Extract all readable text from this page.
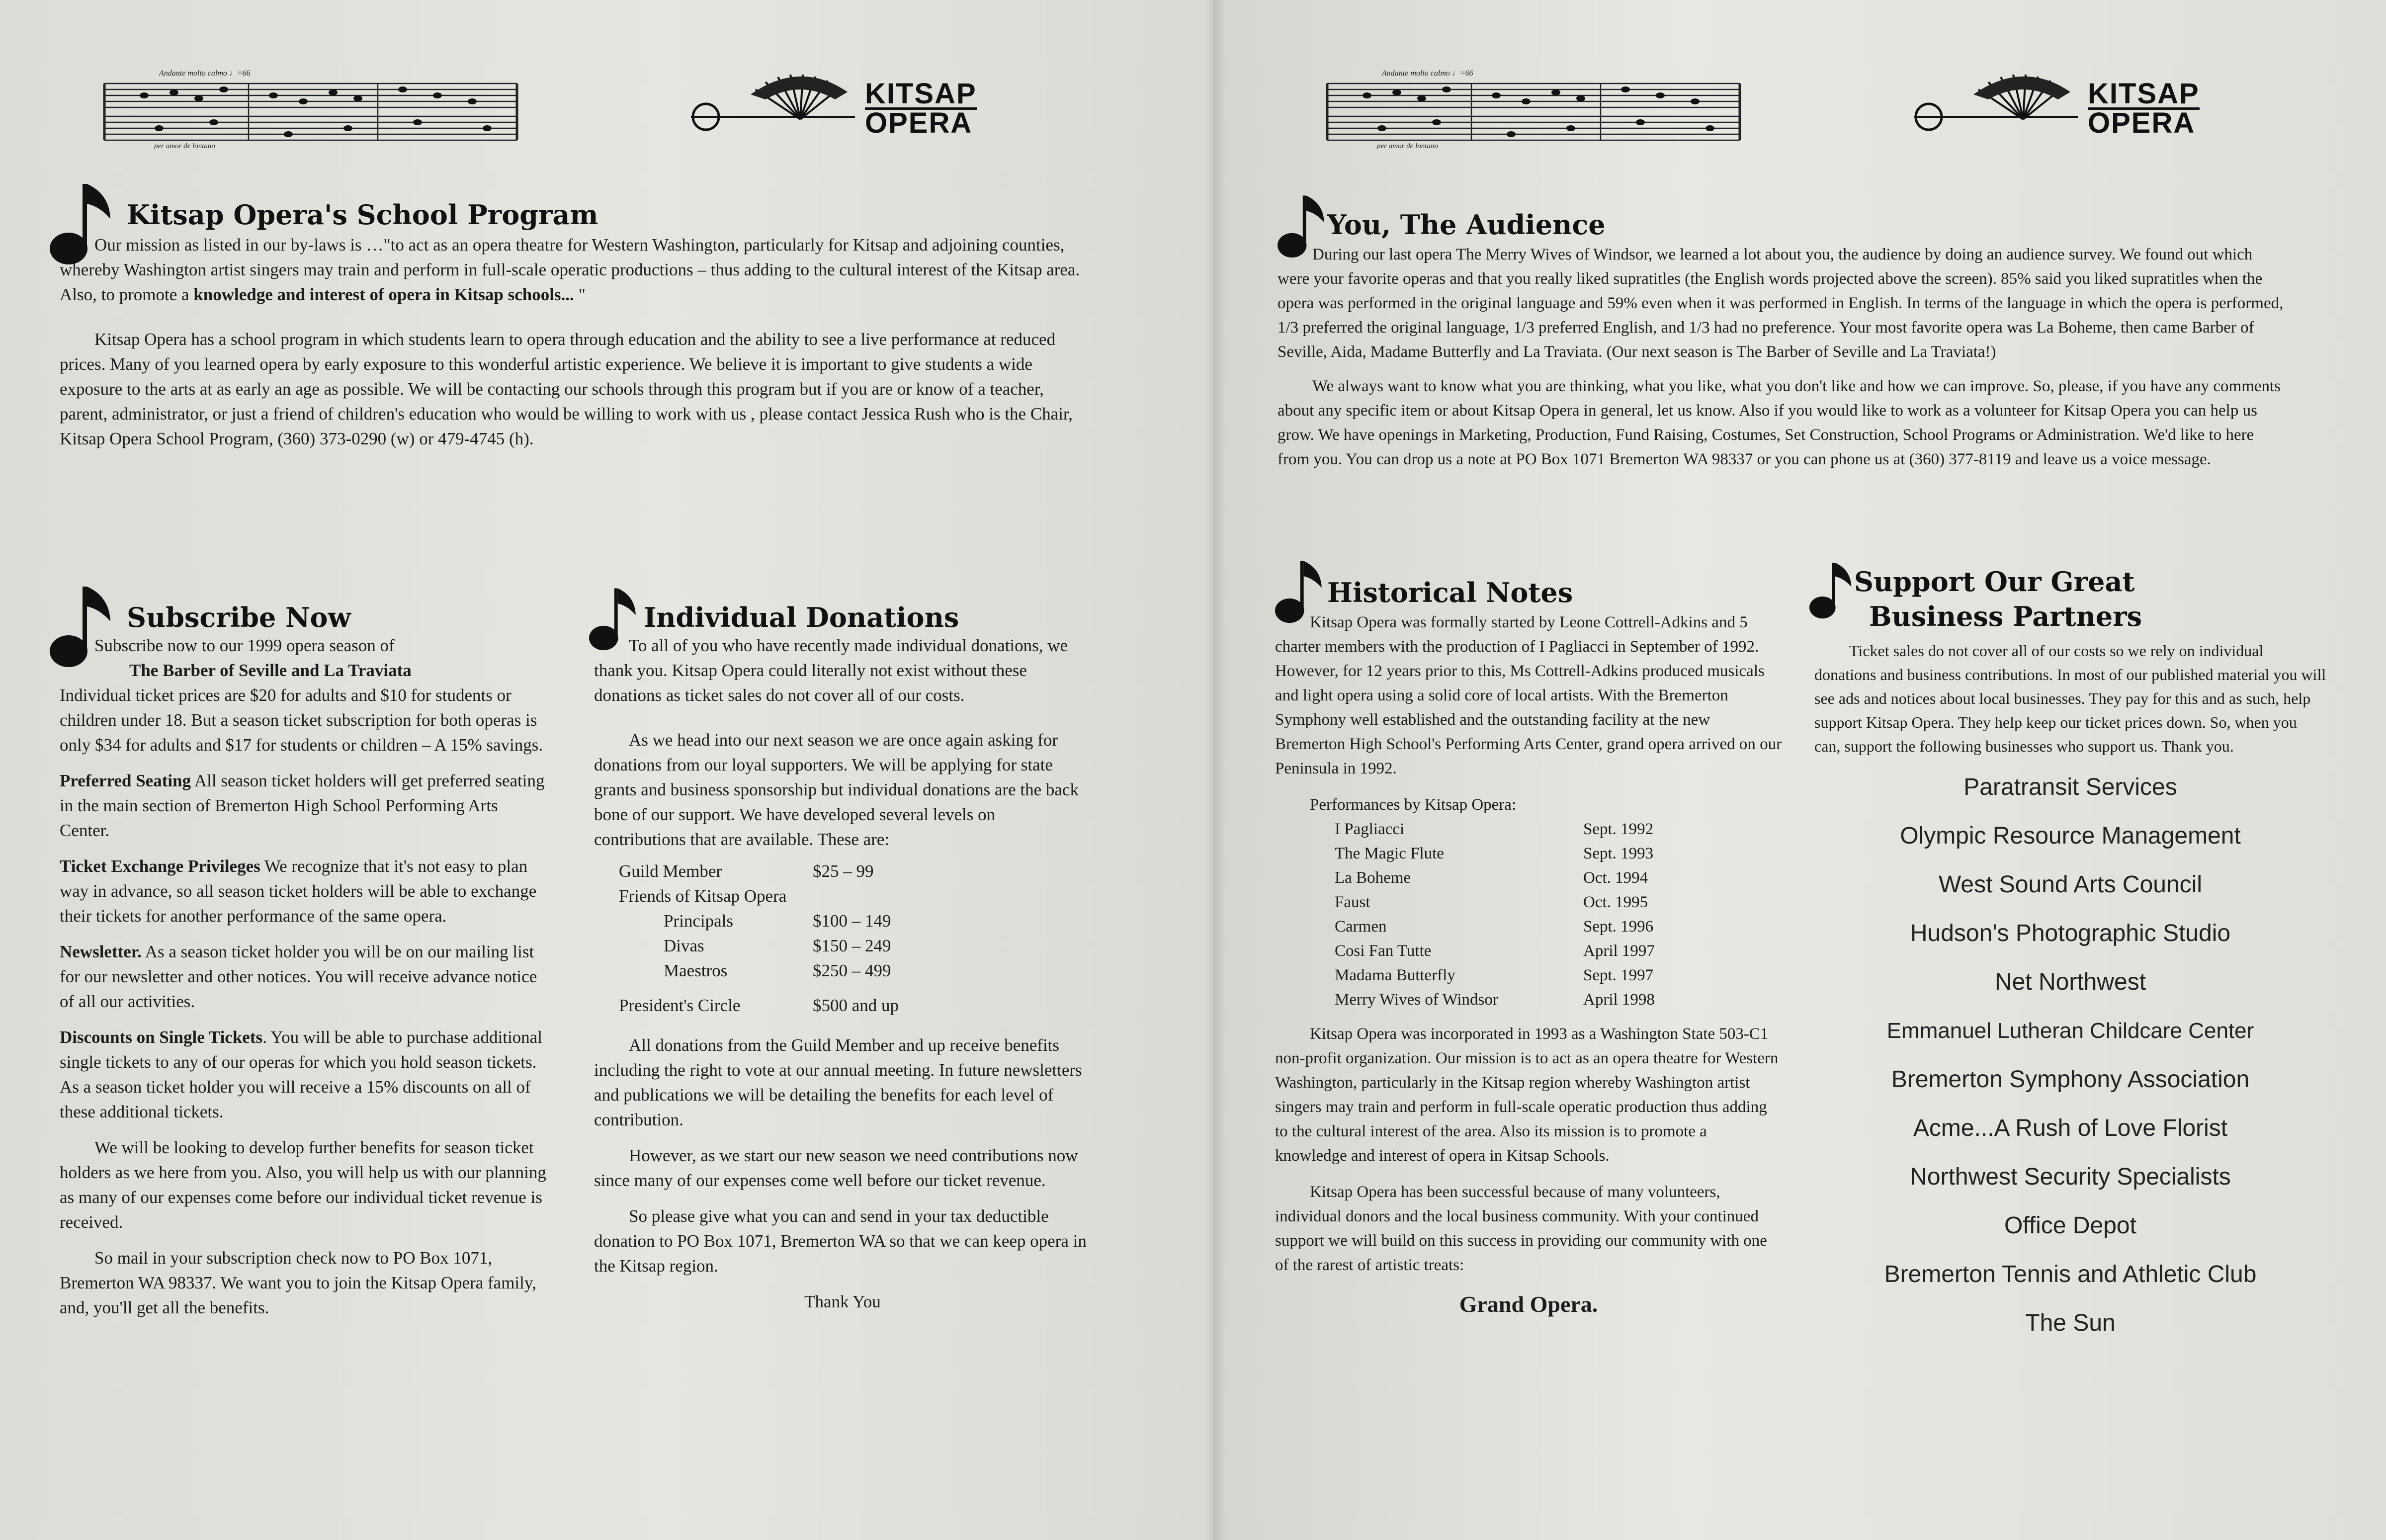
Andante molto calmo ♩=66
per amor de lontano
KITSAP
OPERA
Kitsap Opera's School Program

Our mission as listed in our by-laws is …"to act as an opera theatre for Western Washington, particularly for Kitsap and adjoining counties, whereby Washington artist singers may train and perform in full-scale operatic productions – thus adding to the cultural interest of the Kitsap area. Also, to promote a knowledge and interest of opera in Kitsap schools... "

Kitsap Opera has a school program in which students learn to opera through education and the ability to see a live performance at reduced prices. Many of you learned opera by early exposure to this wonderful artistic experience. We believe it is important to give students a wide exposure to the arts at as early an age as possible. We will be contacting our schools through this program but if you are or know of a teacher, parent, administrator, or just a friend of children's education who would be willing to work with us , please contact Jessica Rush who is the Chair, Kitsap Opera School Program, (360) 373-0290 (w) or 479-4745 (h).

Subscribe Now

Subscribe now to our 1999 opera season of

The Barber of Seville and La Traviata

Individual ticket prices are $20 for adults and $10 for students or children under 18. But a season ticket subscription for both operas is only $34 for adults and $17 for students or children – A 15% savings.

Preferred Seating All season ticket holders will get preferred seating in the main section of Bremerton High School Performing Arts Center.

Ticket Exchange Privileges We recognize that it's not easy to plan way in advance, so all season ticket holders will be able to exchange their tickets for another performance of the same opera.

Newsletter. As a season ticket holder you will be on our mailing list for our newsletter and other notices. You will receive advance notice of all our activities.

Discounts on Single Tickets. You will be able to purchase additional single tickets to any of our operas for which you hold season tickets. As a season ticket holder you will receive a 15% discounts on all of these additional tickets.

We will be looking to develop further benefits for season ticket holders as we here from you. Also, you will help us with our planning as many of our expenses come before our individual ticket revenue is received.

So mail in your subscription check now to PO Box 1071, Bremerton WA 98337. We want you to join the Kitsap Opera family, and, you'll get all the benefits.

Individual Donations

To all of you who have recently made individual donations, we thank you. Kitsap Opera could literally not exist without these donations as ticket sales do not cover all of our costs.

As we head into our next season we are once again asking for donations from our loyal supporters. We will be applying for state grants and business sponsorship but individual donations are the back bone of our support. We have developed several levels on contributions that are available. These are:

Guild Member	$25 – 99
Friends of Kitsap Opera
Principals	$100 – 149
Divas	$150 – 249
Maestros	$250 – 499
President's Circle	$500 and up

All donations from the Guild Member and up receive benefits including the right to vote at our annual meeting. In future newsletters and publications we will be detailing the benefits for each level of contribution.

However, as we start our new season we need contributions now since many of our expenses come well before our ticket revenue.

So please give what you can and send in your tax deductible donation to PO Box 1071, Bremerton WA so that we can keep opera in the Kitsap region.

Thank You

Andante molto calmo ♩=66
per amor de lontano
KITSAP
OPERA
You, The Audience

During our last opera The Merry Wives of Windsor, we learned a lot about you, the audience by doing an audience survey. We found out which were your favorite operas and that you really liked supratitles (the English words projected above the screen). 85% said you liked supratitles when the opera was performed in the original language and 59% even when it was performed in English. In terms of the language in which the opera is performed, 1/3 preferred the original language, 1/3 preferred English, and 1/3 had no preference. Your most favorite opera was La Boheme, then came Barber of Seville, Aida, Madame Butterfly and La Traviata. (Our next season is The Barber of Seville and La Traviata!)

We always want to know what you are thinking, what you like, what you don't like and how we can improve. So, please, if you have any comments about any specific item or about Kitsap Opera in general, let us know. Also if you would like to work as a volunteer for Kitsap Opera you can help us grow. We have openings in Marketing, Production, Fund Raising, Costumes, Set Construction, School Programs or Administration. We'd like to here from you. You can drop us a note at PO Box 1071 Bremerton WA 98337 or you can phone us at (360) 377-8119 and leave us a voice message.

Historical Notes

Kitsap Opera was formally started by Leone Cottrell-Adkins and 5 charter members with the production of I Pagliacci in September of 1992. However, for 12 years prior to this, Ms Cottrell-Adkins produced musicals and light opera using a solid core of local artists. With the Bremerton Symphony well established and the outstanding facility at the new Bremerton High School's Performing Arts Center, grand opera arrived on our Peninsula in 1992.

Performances by Kitsap Opera:
I Pagliacci	Sept. 1992
The Magic Flute	Sept. 1993
La Boheme	Oct. 1994
Faust	Oct. 1995
Carmen	Sept. 1996
Cosi Fan Tutte	April 1997
Madama Butterfly	Sept. 1997
Merry Wives of Windsor	April 1998

Kitsap Opera was incorporated in 1993 as a Washington State 503-C1 non-profit organization. Our mission is to act as an opera theatre for Western Washington, particularly in the Kitsap region whereby Washington artist singers may train and perform in full-scale operatic production thus adding to the cultural interest of the area. Also its mission is to promote a knowledge and interest of opera in Kitsap Schools.

Kitsap Opera has been successful because of many volunteers, individual donors and the local business community. With your continued support we will build on this success in providing our community with one of the rarest of artistic treats:

Grand Opera.

Support Our Great
Business Partners

Ticket sales do not cover all of our costs so we rely on individual donations and business contributions. In most of our published material you will see ads and notices about local businesses. They pay for this and as such, help support Kitsap Opera. They help keep our ticket prices down. So, when you can, support the following businesses who support us. Thank you.

Paratransit Services
Olympic Resource Management
West Sound Arts Council
Hudson's Photographic Studio
Net Northwest
Emmanuel Lutheran Childcare Center
Bremerton Symphony Association
Acme...A Rush of Love Florist
Northwest Security Specialists
Office Depot
Bremerton Tennis and Athletic Club
The Sun
